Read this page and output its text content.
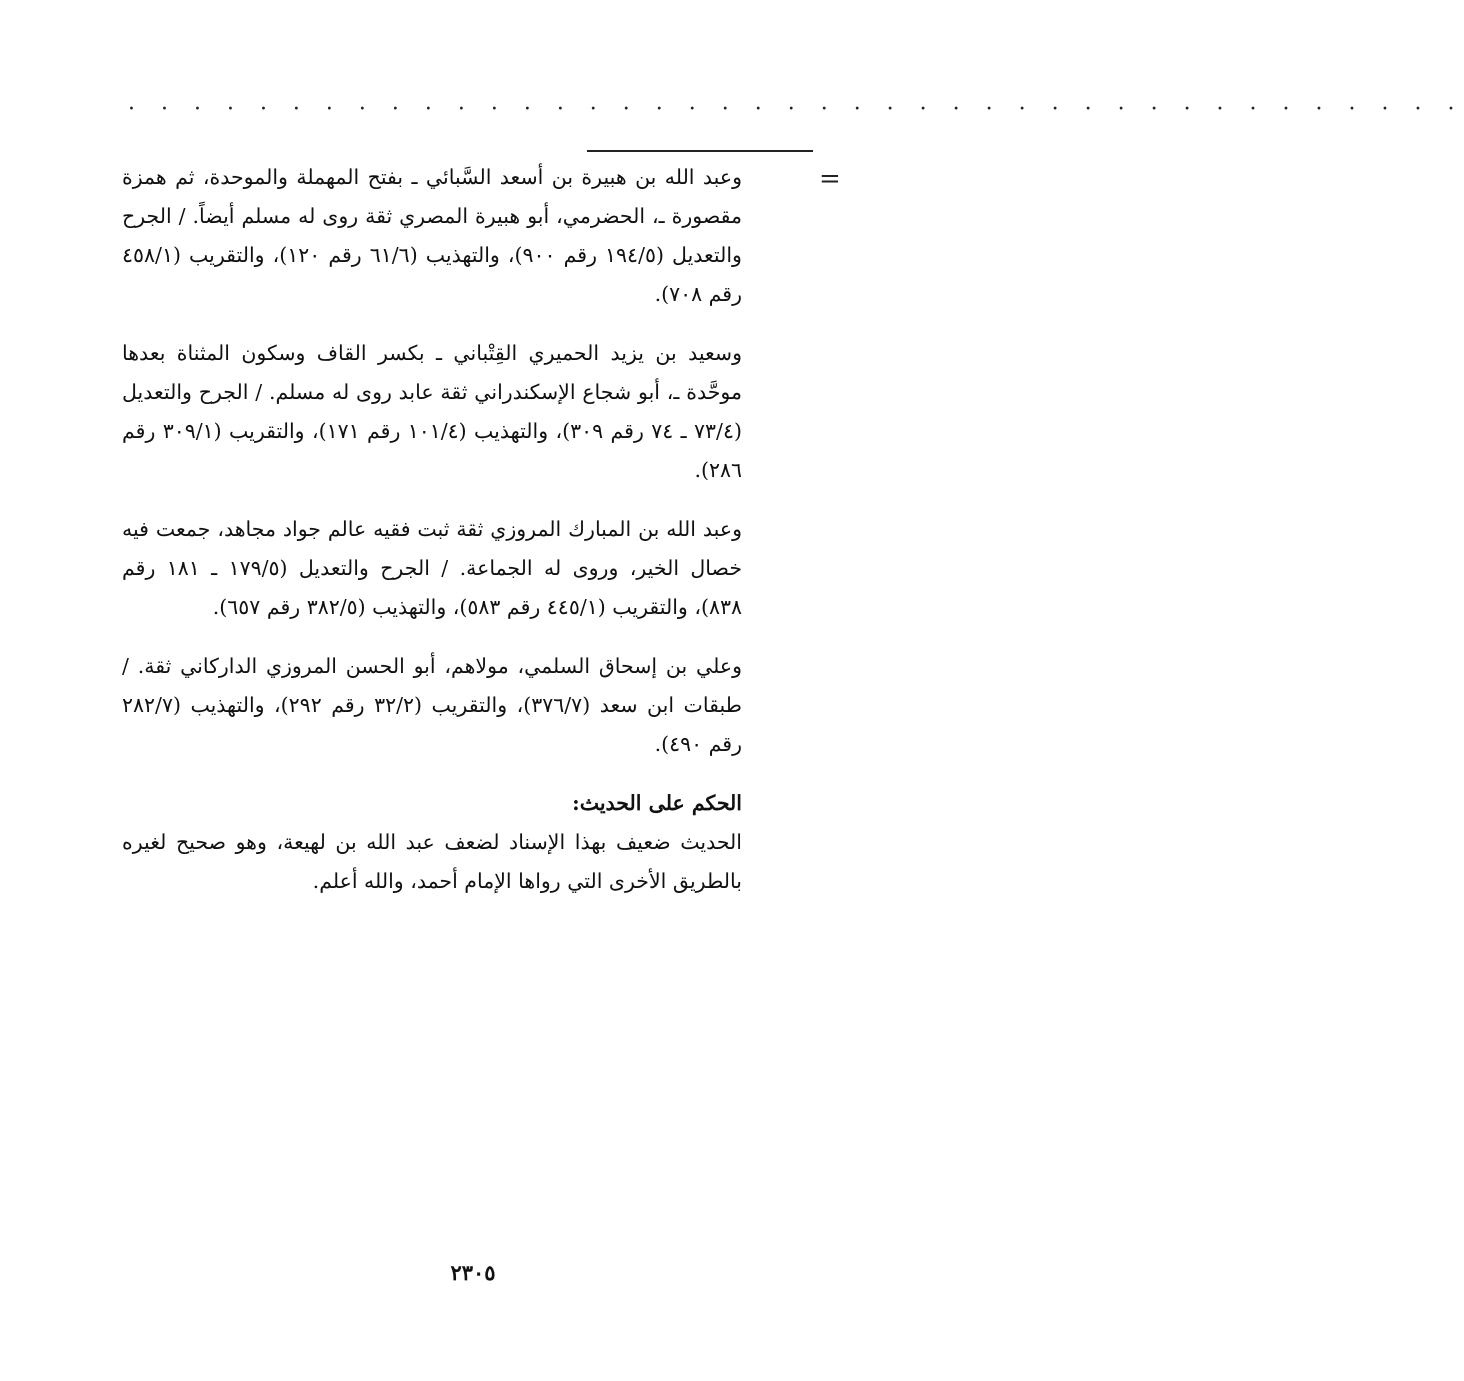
· · · · · · · · · · · · · · · · · · · · · · · · · · · · · · · · · · · · · · · · ·
=

وعبد الله بن هبيرة بن أسعد السَّبائي ـ بفتح المهملة والموحدة، ثم همزة مقصورة ـ، الحضرمي، أبو هبيرة المصري ثقة روى له مسلم أيضاً. / الجرح والتعديل (١٩٤/٥ رقم ٩٠٠)، والتهذيب (٦١/٦ رقم ١٢٠)، والتقريب (٤٥٨/١ رقم ٧٠٨).

وسعيد بن يزيد الحميري القِتْباني ـ بكسر القاف وسكون المثناة بعدها موحَّدة ـ، أبو شجاع الإسكندراني ثقة عابد روى له مسلم. / الجرح والتعديل (٧٣/٤ ـ ٧٤ رقم ٣٠٩)، والتهذيب (١٠١/٤ رقم ١٧١)، والتقريب (٣٠٩/١ رقم ٢٨٦).

وعبد الله بن المبارك المروزي ثقة ثبت فقيه عالم جواد مجاهد، جمعت فيه خصال الخير، وروى له الجماعة. / الجرح والتعديل (١٧٩/٥ ـ ١٨١ رقم ٨٣٨)، والتقريب (٤٤٥/١ رقم ٥٨٣)، والتهذيب (٣٨٢/٥ رقم ٦٥٧).

وعلي بن إسحاق السلمي، مولاهم، أبو الحسن المروزي الداركاني ثقة. / طبقات ابن سعد (٣٧٦/٧)، والتقريب (٣٢/٢ رقم ٢٩٢)، والتهذيب (٢٨٢/٧ رقم ٤٩٠).

الحكم على الحديث:

الحديث ضعيف بهذا الإسناد لضعف عبد الله بن لهيعة، وهو صحيح لغيره بالطريق الأخرى التي رواها الإمام أحمد، والله أعلم.

٢٣٠٥
